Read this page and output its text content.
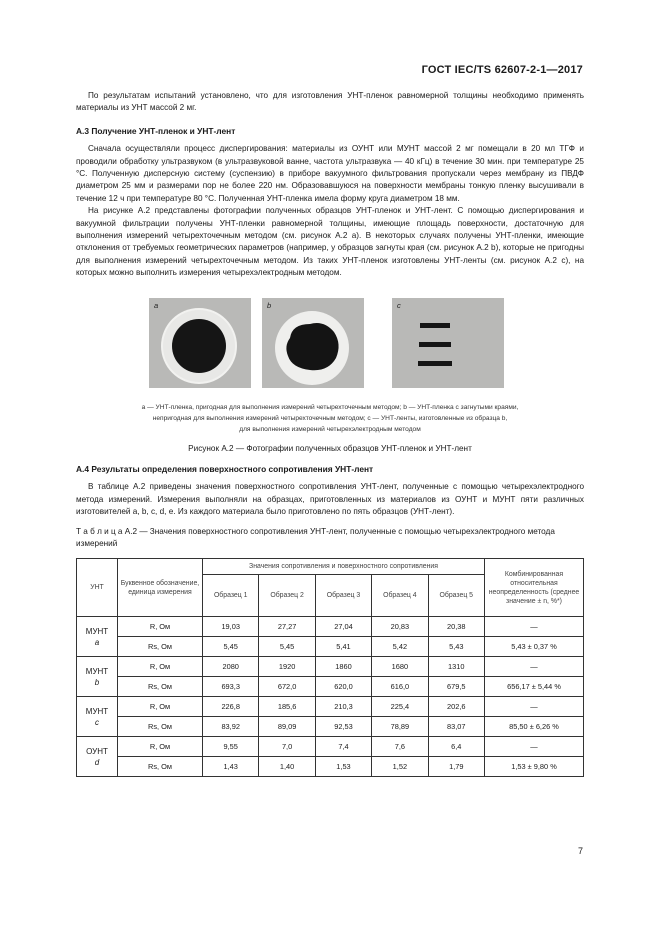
ГОСТ IEC/TS 62607-2-1—2017

По результатам испытаний установлено, что для изготовления УНТ-пленок равномерной толщины необходимо применять материалы из УНТ массой 2 мг.

А.3 Получение УНТ-пленок и УНТ-лент

Сначала осуществляли процесс диспергирования: материалы из ОУНТ или МУНТ массой 2 мг помещали в 20 мл ТГФ и проводили обработку ультразвуком (в ультразвуковой ванне, частота ультразвука — 40 кГц) в течение 30 мин. при температуре 25 °С. Полученную дисперсную систему (суспензию) в приборе вакуумного фильтрования пропускали через мембрану из ПВДФ диаметром 25 мм и размерами пор не более 220 нм. Образовавшуюся на поверхности мембраны тонкую пленку высушивали в течение 12 ч при температуре 80 °С. Полученная УНТ-пленка имела форму круга диаметром 18 мм.

На рисунке А.2 представлены фотографии полученных образцов УНТ-пленок и УНТ-лент. С помощью диспергирования и вакуумной фильтрации получены УНТ-пленки равномерной толщины, имеющие площадь поверхности, достаточную для выполнения измерений четырехточечным методом (см. рисунок А.2 а). В некоторых случаях получены УНТ-пленки, имеющие отклонения от требуемых геометрических параметров (например, у образцов загнуты края (см. рисунок А.2 b), которые не пригодны для выполнения измерений четырехточечным методом. Из таких УНТ-пленок изготовлены УНТ-ленты (см. рисунок А.2 с), на которых можно выполнить измерения четырехэлектродным методом.

a	b	c
а — УНТ-пленка, пригодная для выполнения измерений четырехточечным методом; b — УНТ-пленка с загнутыми краями,
непригодная для выполнения измерений четырехточечным методом; с — УНТ-ленты, изготовленные из образца b,
для выполнения измерений четырехэлектродным методом
Рисунок А.2 — Фотографии полученных образцов УНТ-пленок и УНТ-лент
А.4 Результаты определения поверхностного сопротивления УНТ-лент

В таблице А.2 приведены значения поверхностного сопротивления УНТ-лент, полученные с помощью четырехэлектродного метода измерений. Измерения выполняли на образцах, приготовленных из материалов из ОУНТ и МУНТ пяти различных изготовителей а, b, с, d, е. Из каждого материала было приготовлено по пять образцов (УНТ-лент).

Т а б л и ц а А.2 — Значения поверхностного сопротивления УНТ-лент, полученные с помощью четырехэлектродного метода измерений
УНТ	Буквенное обозначение, единица измерения	Значения сопротивления и поверхностного сопротивления					Комбинированная относительная неопределенность (среднее значение ± n, %*)
		Образец 1	Образец 2	Образец 3	Образец 4	Образец 5	

МУНТ
a	R, Ом	19,03	27,27	27,04	20,83	20,38	—
	Rs, Ом	5,45	5,45	5,41	5,42	5,43	5,43 ± 0,37 %

МУНТ
b	R, Ом	2080	1920	1860	1680	1310	—
	Rs, Ом	693,3	672,0	620,0	616,0	679,5	656,17 ± 5,44 %

МУНТ
с	R, Ом	226,8	185,6	210,3	225,4	202,6	—
	Rs, Ом	83,92	89,09	92,53	78,89	83,07	85,50 ± 6,26 %

ОУНТ
d	R, Ом	9,55	7,0	7,4	7,6	6,4	—
	Rs, Ом	1,43	1,40	1,53	1,52	1,79	1,53 ± 9,80 %
7
